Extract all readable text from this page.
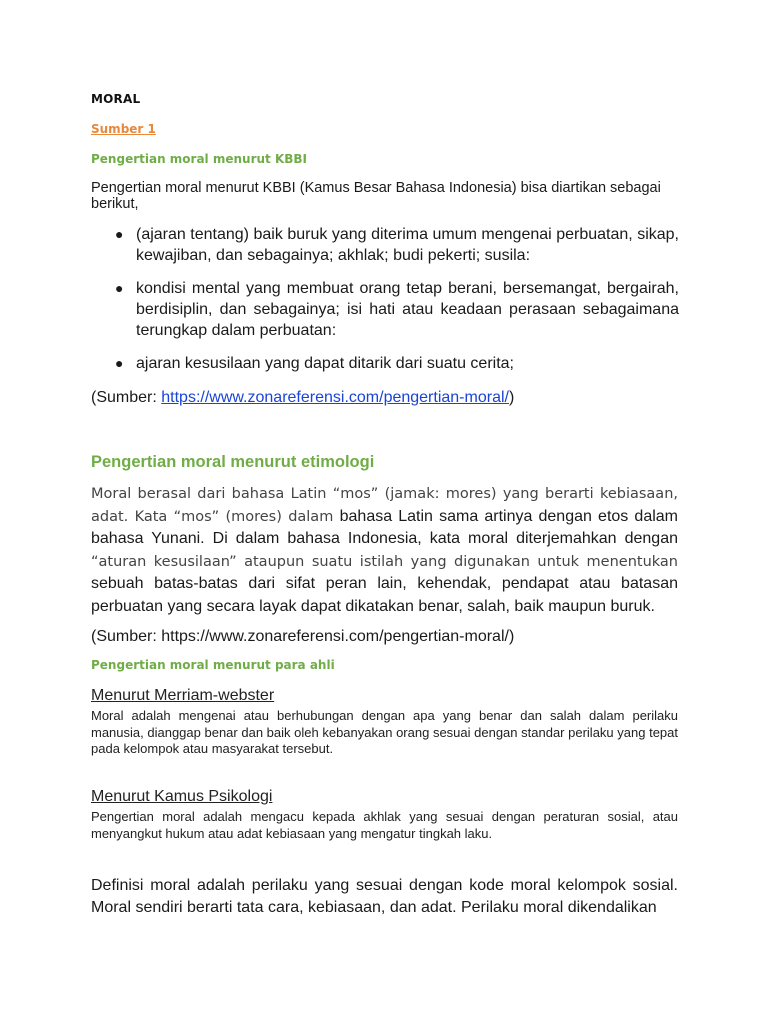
MORAL

Sumber 1

Pengertian moral menurut KBBI

Pengertian moral menurut KBBI (Kamus Besar Bahasa Indonesia) bisa diartikan sebagai berikut,

● (ajaran tentang) baik buruk yang diterima umum mengenai perbuatan, sikap, kewajiban, dan sebagainya; akhlak; budi pekerti; susila:
● kondisi mental yang membuat orang tetap berani, bersemangat, bergairah, berdisiplin, dan sebagainya; isi hati atau keadaan perasaan sebagaimana terungkap dalam perbuatan:
● ajaran kesusilaan yang dapat ditarik dari suatu cerita;

(Sumber: https://www.zonareferensi.com/pengertian-moral/)

Pengertian moral menurut etimologi

Moral berasal dari bahasa Latin “mos” (jamak: mores) yang berarti kebiasaan, adat. Kata “mos” (mores) dalam bahasa Latin sama artinya dengan etos dalam bahasa Yunani. Di dalam bahasa Indonesia, kata moral diterjemahkan dengan “aturan kesusilaan” ataupun suatu istilah yang digunakan untuk menentukan sebuah batas-batas dari sifat peran lain, kehendak, pendapat atau batasan perbuatan yang secara layak dapat dikatakan benar, salah, baik maupun buruk.

(Sumber: https://www.zonareferensi.com/pengertian-moral/)

Pengertian moral menurut para ahli

Menurut Merriam-webster

Moral adalah mengenai atau berhubungan dengan apa yang benar dan salah dalam perilaku manusia, dianggap benar dan baik oleh kebanyakan orang sesuai dengan standar perilaku yang tepat pada kelompok atau masyarakat tersebut.

Menurut Kamus Psikologi

Pengertian moral adalah mengacu kepada akhlak yang sesuai dengan peraturan sosial, atau menyangkut hukum atau adat kebiasaan yang mengatur tingkah laku.

Definisi moral adalah perilaku yang sesuai dengan kode moral kelompok sosial. Moral sendiri berarti tata cara, kebiasaan, dan adat. Perilaku moral dikendalikan
